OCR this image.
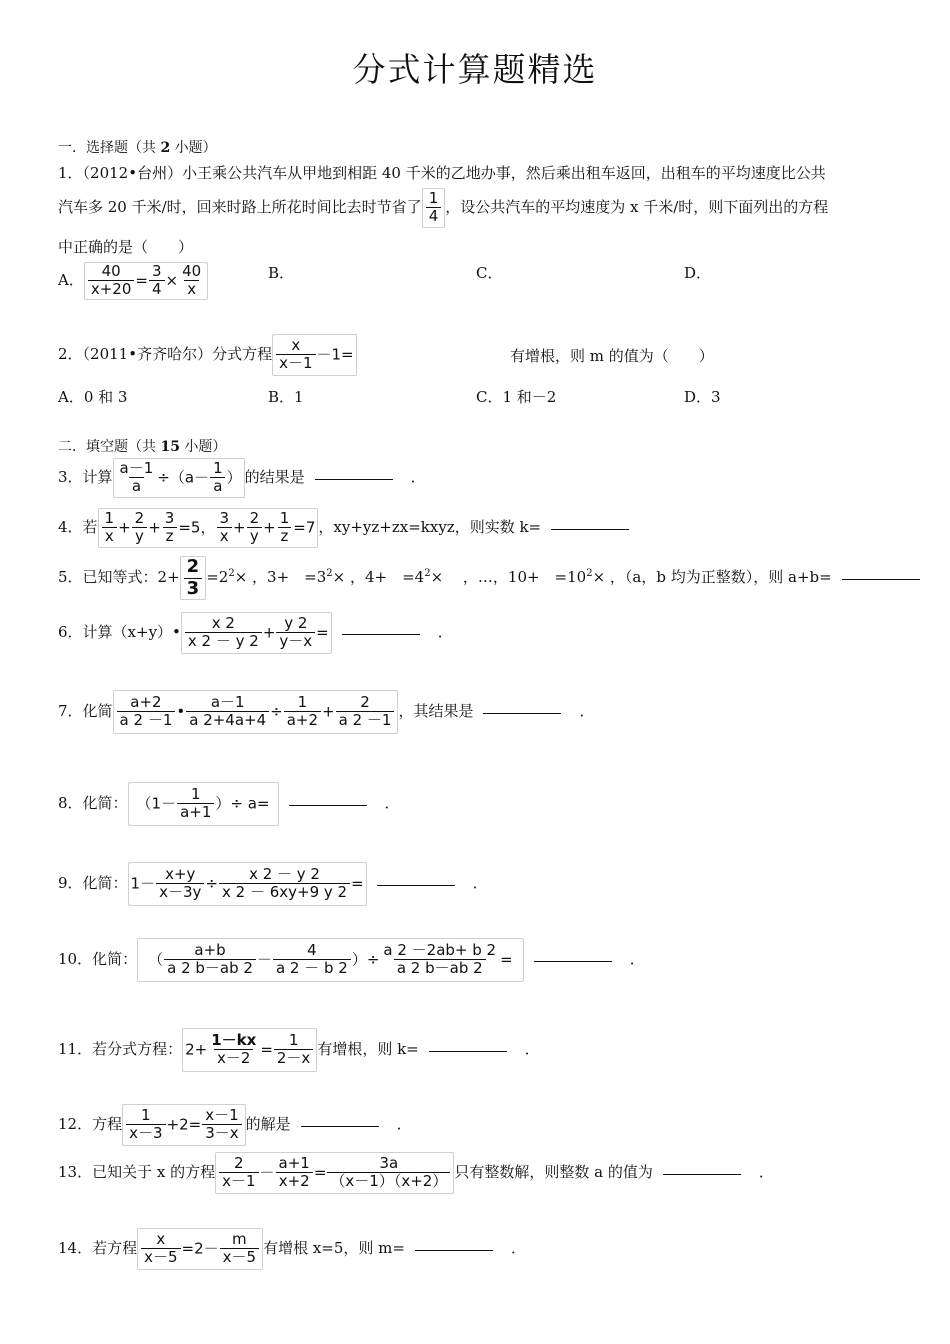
分式计算题精选
一．选择题（共 2 小题）
1．（2012•台州）小王乘公共汽车从甲地到相距 40 千米的乙地办事，然后乘出租车返回，出租车的平均速度比公共
汽车多 20 千米/时，回来时路上所花时间比去时节省了 $\frac{1}{4}$ ，设公共汽车的平均速度为 x 千米/时，则下面列出的方程
中正确的是（　　）
A． $\frac{40}{x+20} = \frac{3}{4} \times \frac{40}{x}$	B．	C．	D．
2．（2011•齐齐哈尔）分式方程 $\frac{x}{x-1} -1=$	有增根，则 m 的值为（　　）
A．0 和 3	B．1	C．1 和－2	D．3
二．填空题（共 15 小题）
3．计算 $\frac{a-1}{a} \div(a- \frac{1}{a}$ ） 的结果是	．
4．若 $\frac{1}{x} + \frac{2}{y} + \frac{3}{z} =5$， $\frac{3}{x} + \frac{2}{y} + \frac{1}{z} =7$ ，xy+yz+zx=kxyz，则实数 k=
5．已知等式：$2+ \frac{2}{3} =2^2\times$ ，3+　$=3^2\times$ ，4+　$=4^2\times$ 　，…，10+　$=10^2\times$ ，（a，b 均为正整数），则 a+b=
6．计算（x+y）• $\frac{x 2}{x 2 - y 2} + \frac{y 2}{y-x}$ =	．
7．化简 $\frac{a+2}{a 2 -1}$ • $\frac{a-1}{a 2+4a+4} \div \frac{1}{a+2} + \frac{2}{a 2 -1}$ ，其结果是	．
8．化简： （$1- \frac{1}{a+1}$ ）÷ a=	．
9．化简： $1- \frac{x+y}{x-3y} \div \frac{x 2 - y 2}{x 2 - 6xy+9 y 2}$ =	．
10．化简： （ $\frac{a+b}{a 2 b-ab 2} - \frac{4}{a 2 - b 2}$ ）÷ $\frac{a 2 -2ab+ b 2}{a 2 b-ab 2}$ =	．
11．若分式方程： $2+ \frac{1-kx}{x-2} = \frac{1}{2-x}$ 有增根，则 k=	．
12．方程 $\frac{1}{x-3} +2= \frac{x-1}{3-x}$ 的解是	．
13．已知关于 x 的方程 $\frac{2}{x-1} - \frac{a+1}{x+2} = \frac{3a}{(x-1)(x+2)}$ 只有整数解，则整数 a 的值为	．
14．若方程 $\frac{x}{x-5} =2- \frac{m}{x-5}$ 有增根 x=5，则 m=	．
